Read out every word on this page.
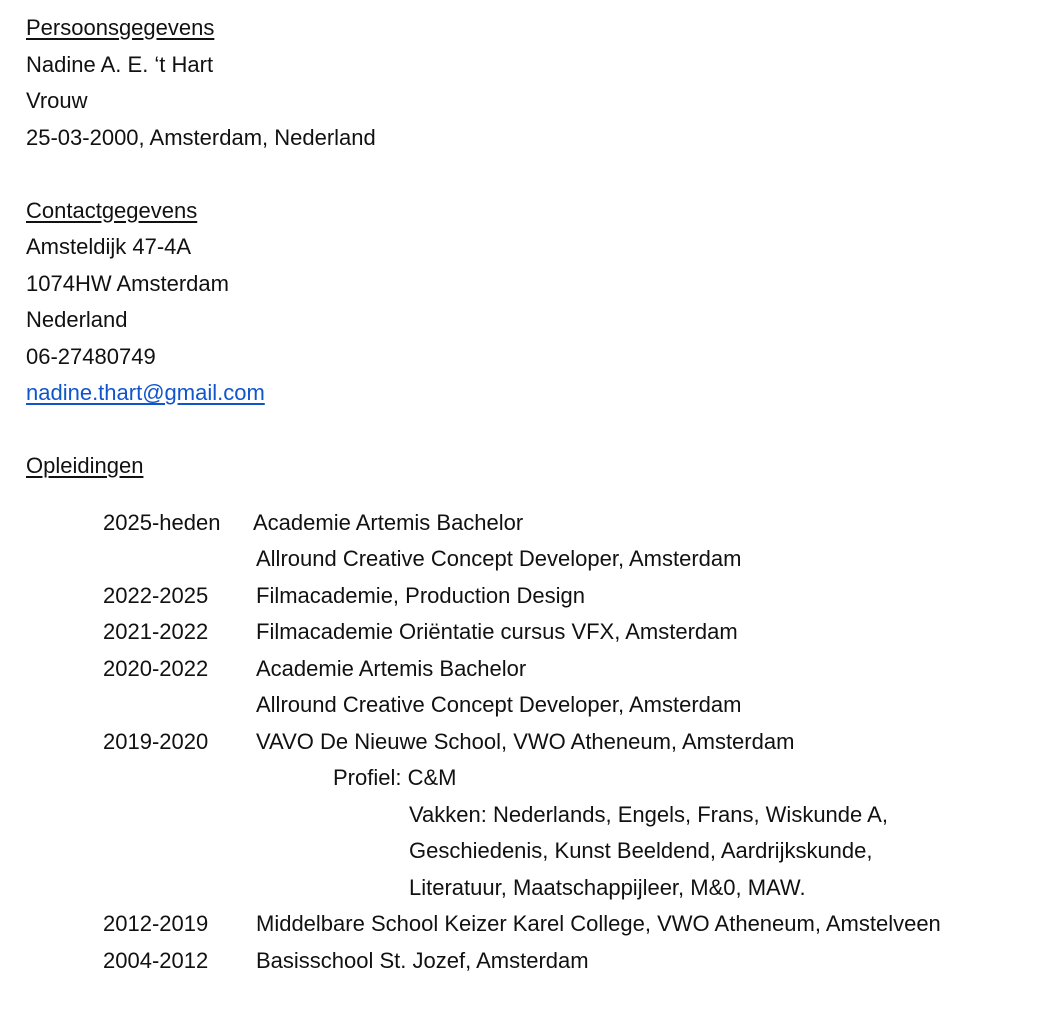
Persoonsgegevens
Nadine A. E. ‘t Hart
Vrouw
25-03-2000, Amsterdam, Nederland
Contactgegevens
Amsteldijk 47-4A
1074HW Amsterdam
Nederland
06-27480749
nadine.thart@gmail.com
Opleidingen
2025-heden Academie Artemis Bachelor
Allround Creative Concept Developer, Amsterdam
2022-2025 Filmacademie, Production Design
2021-2022 Filmacademie Oriëntatie cursus VFX, Amsterdam
2020-2022 Academie Artemis Bachelor
Allround Creative Concept Developer, Amsterdam
2019-2020 VAVO De Nieuwe School, VWO Atheneum, Amsterdam
Profiel: C&M
Vakken: Nederlands, Engels, Frans, Wiskunde A,
Geschiedenis, Kunst Beeldend, Aardrijkskunde,
Literatuur, Maatschappijleer, M&0, MAW.
2012-2019 Middelbare School Keizer Karel College, VWO Atheneum, Amstelveen
2004-2012 Basisschool St. Jozef, Amsterdam
